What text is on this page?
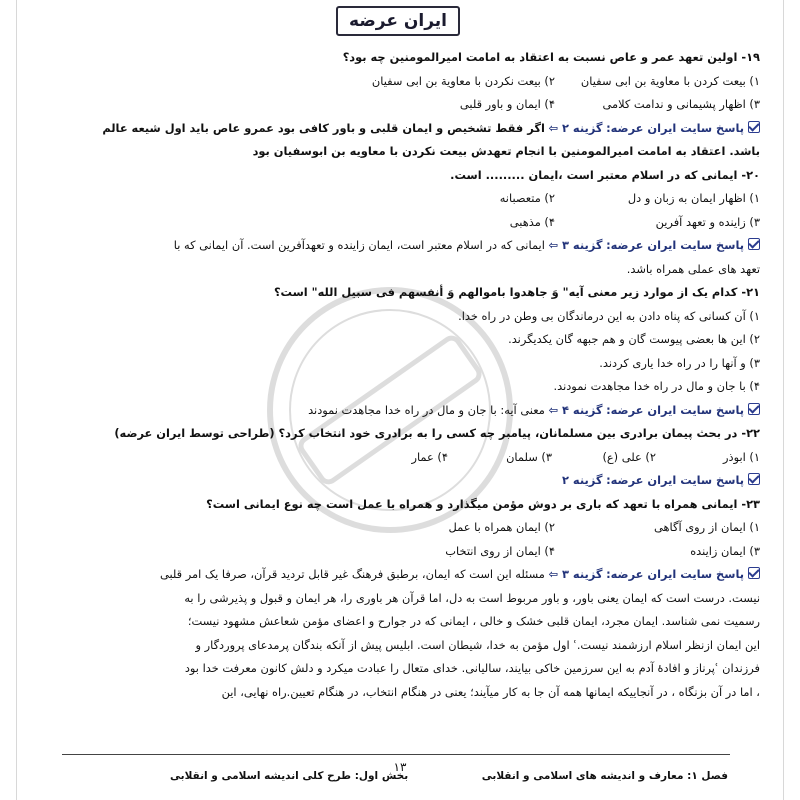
ایران عرضه
۱۹- اولین تعهد عمر و عاص نسبت به اعتقاد به امامت امیرالمومنین چه بود؟
۱) بیعت کردن با معاویة بن ابی سفیان
۲) بیعت نکردن با معاویة بن ابی سفیان
۳) اظهار پشیمانی و ندامت کلامی
۴) ایمان و باور قلبی
پاسخ سایت ایران عرضه: گزینه ۲ ⇦ اگر فقط تشخیص و ایمان قلبی و باور کافی بود عمرو عاص باید اول شیعه عالم
باشد. اعتقاد به امامت امیرالمومنین با انجام تعهدش بیعت نکردن با معاویه بن ابوسفیان بود
۲۰- ایمانی که در اسلام معتبر است ،ایمان ......... است.
۱) اظهار ایمان به زبان و دل
۲) متعصبانه
۳) زاینده و تعهد آفرین
۴) مذهبی
پاسخ سایت ایران عرضه: گزینه ۳ ⇦ ایمانی که در اسلام معتبر است، ایمان زاینده و تعهدآفرین است. آن ایمانی که با
تعهد های عملی همراه باشد.
۲۱- کدام یک از موارد زیر معنی آیه" وَ جاهدوا باموالهم وَ أنفسهم فی سبیل الله" است؟
۱) آن کسانی که پناه دادن به این درماندگان بی وطن در راه خدا.
۲) این ها بعضی پیوست گان و هم جبهه گان یکدیگرند.
۳) و آنها را در راه خدا یاری کردند.
۴) با جان و مال در راه خدا مجاهدت نمودند.
پاسخ سایت ایران عرضه: گزینه ۴ ⇦ معنی آیه: با جان و مال در راه خدا مجاهدت نمودند
۲۲- در بحث پیمان برادری بین مسلمانان، پیامبر چه کسی را به برادری خود انتخاب کرد؟ (طراحی توسط ایران عرضه)
۱) ابوذر
۲) علی (ع)
۳) سلمان
۴) عمار
پاسخ سایت ایران عرضه: گزینه ۲
۲۳- ایمانی همراه با تعهد که باری بر دوش مؤمن میگذارد و همراه با عمل است چه نوع ایمانی است؟
۱) ایمان از روی آگاهی
۲) ایمان همراه با عمل
۳) ایمان زاینده
۴) ایمان از روی انتخاب
پاسخ سایت ایران عرضه: گزینه ۳ ⇦ مسئله این است که ایمان، برطبق فرهنگ غیر قابل تردید قرآن، صرفا یک امر قلبی
نیست. درست است که ایمان یعنی باور، و باور مربوط است به دل، اما قرآن هر باوری را، هر ایمان و قبول و پذیرشی را به
رسمیت نمی شناسد. ایمان مجرد، ایمان قلبی خشک و خالی ، ایمانی که در جوارح و اعضای مؤمن شعاعش مشهود نیست؛
این ایمان ازنظر اسلام ارزشمند نیست.ʿ اول مؤمن به خدا، شیطان است. ابلیس پیش از آنکه بندگان پرمدعای پروردگار و
فرزندان ʿپرناز و افادهٔ آدم به این سرزمین خاکی بیایند، سالیانی. خدای متعال را عبادت میکرد و دلش کانون معرفت خدا بود
، اما در آن بزنگاه ، در آنجاییکه ایمانها همه آن جا به کار میآیند؛ یعنی در هنگام انتخاب، در هنگام تعیین.راه نهایی، این
۱۳
فصل ۱: معارف و اندیشه های اسلامی و انقلابی
بخش اول: طرح کلی اندیشه اسلامی و انقلابی
